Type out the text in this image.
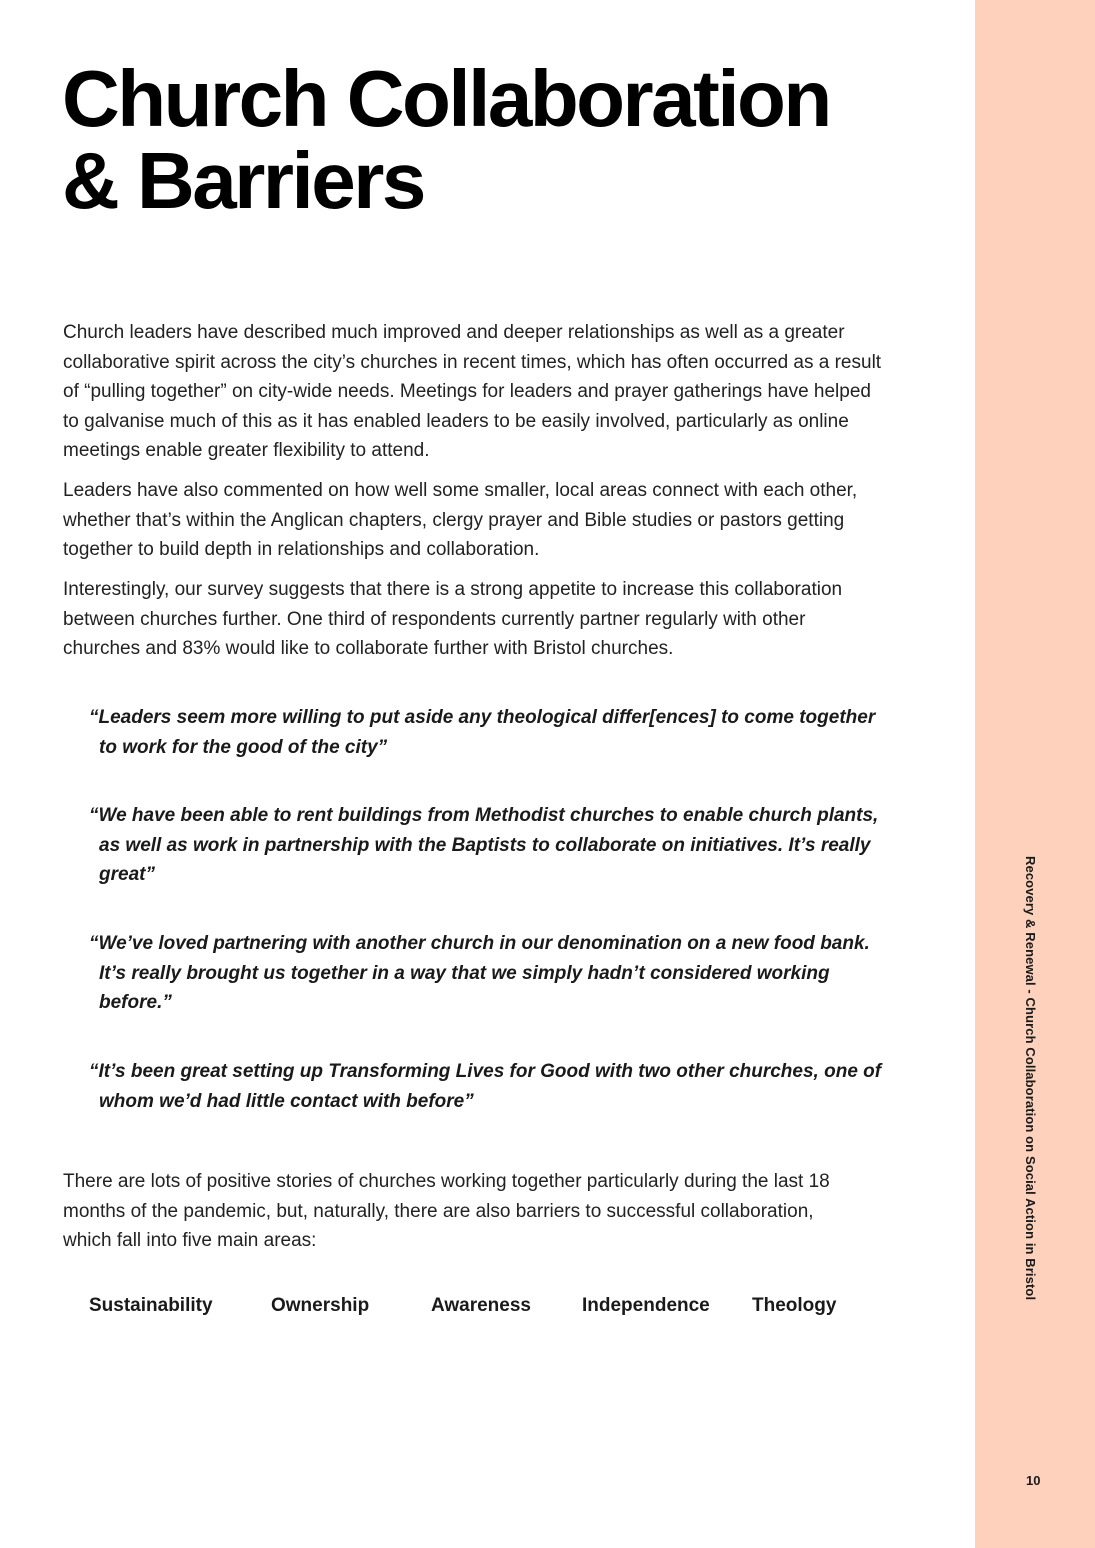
Church Collaboration
& Barriers

Church leaders have described much improved and deeper relationships as well as a greater collaborative spirit across the city’s churches in recent times, which has often occurred as a result of “pulling together” on city-wide needs. Meetings for leaders and prayer gatherings have helped to galvanise much of this as it has enabled leaders to be easily involved, particularly as online meetings enable greater flexibility to attend.

Leaders have also commented on how well some smaller, local areas connect with each other, whether that’s within the Anglican chapters, clergy prayer and Bible studies or pastors getting together to build depth in relationships and collaboration.

Interestingly, our survey suggests that there is a strong appetite to increase this collaboration between churches further. One third of respondents currently partner regularly with other churches and 83% would like to collaborate further with Bristol churches.

“Leaders seem more willing to put aside any theological differ[ences] to come together to work for the good of the city”

“We have been able to rent buildings from Methodist churches to enable church plants, as well as work in partnership with the Baptists to collaborate on initiatives. It’s really great”

“We’ve loved partnering with another church in our denomination on a new food bank. It’s really brought us together in a way that we simply hadn’t considered working before.”

“It’s been great setting up Transforming Lives for Good with two other churches, one of whom we’d had little contact with before”

There are lots of positive stories of churches working together particularly during the last 18 months of the pandemic, but, naturally, there are also barriers to successful collaboration, which fall into five main areas:

Sustainability	Ownership	Awareness	Independence Theology
Recovery & Renewal - Church Collaboration on Social Action in Bristol
10
